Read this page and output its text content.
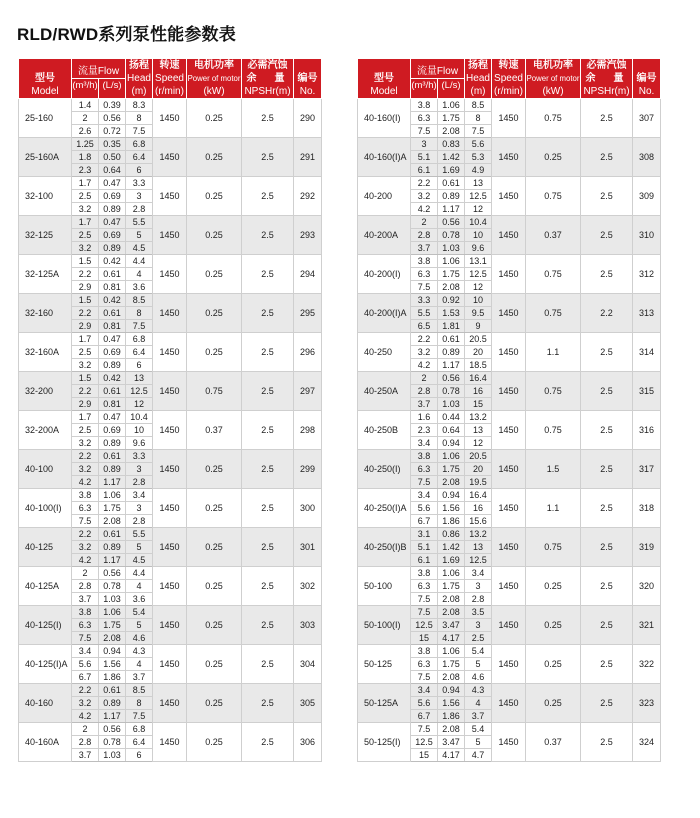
RLD/RWD系列泵性能参数表
型号
Model	流量Flow		扬程
Head
(m)	转速
Speed
(r/min)	电机功率
Power of motor
(kW)	必需汽蚀
余　量
NPSHr(m)	编号
No.

	(m³/h)	(L/s)					
25-160	1.4	0.39	8.3	1450	0.25	2.5	290
	2	0.56	8				
	2.6	0.72	7.5				
25-160A	1.25	0.35	6.8	1450	0.25	2.5	291
	1.8	0.50	6.4				
	2.3	0.64	6				
32-100	1.7	0.47	3.3	1450	0.25	2.5	292
	2.5	0.69	3				
	3.2	0.89	2.8				
32-125	1.7	0.47	5.5	1450	0.25	2.5	293
	2.5	0.69	5				
	3.2	0.89	4.5				
32-125A	1.5	0.42	4.4	1450	0.25	2.5	294
	2.2	0.61	4				
	2.9	0.81	3.6				
32-160	1.5	0.42	8.5	1450	0.25	2.5	295
	2.2	0.61	8				
	2.9	0.81	7.5				
32-160A	1.7	0.47	6.8	1450	0.25	2.5	296
	2.5	0.69	6.4				
	3.2	0.89	6				
32-200	1.5	0.42	13	1450	0.75	2.5	297
	2.2	0.61	12.5				
	2.9	0.81	12				
32-200A	1.7	0.47	10.4	1450	0.37	2.5	298
	2.5	0.69	10				
	3.2	0.89	9.6				
40-100	2.2	0.61	3.3	1450	0.25	2.5	299
	3.2	0.89	3				
	4.2	1.17	2.8				
40-100(I)	3.8	1.06	3.4	1450	0.25	2.5	300
	6.3	1.75	3				
	7.5	2.08	2.8				
40-125	2.2	0.61	5.5	1450	0.25	2.5	301
	3.2	0.89	5				
	4.2	1.17	4.5				
40-125A	2	0.56	4.4	1450	0.25	2.5	302
	2.8	0.78	4				
	3.7	1.03	3.6				
40-125(I)	3.8	1.06	5.4	1450	0.25	2.5	303
	6.3	1.75	5				
	7.5	2.08	4.6				
40-125(I)A	3.4	0.94	4.3	1450	0.25	2.5	304
	5.6	1.56	4				
	6.7	1.86	3.7				
40-160	2.2	0.61	8.5	1450	0.25	2.5	305
	3.2	0.89	8				
	4.2	1.17	7.5				
40-160A	2	0.56	6.8	1450	0.25	2.5	306
	2.8	0.78	6.4				
	3.7	1.03	6				
型号
Model	流量Flow		扬程
Head
(m)	转速
Speed
(r/min)	电机功率
Power of motor
(kW)	必需汽蚀
余　量
NPSHr(m)	编号
No.

	(m³/h)	(L/s)					
40-160(I)	3.8	1.06	8.5	1450	0.75	2.5	307
	6.3	1.75	8				
	7.5	2.08	7.5				
40-160(I)A	3	0.83	5.6	1450	0.25	2.5	308
	5.1	1.42	5.3				
	6.1	1.69	4.9				
40-200	2.2	0.61	13	1450	0.75	2.5	309
	3.2	0.89	12.5				
	4.2	1.17	12				
40-200A	2	0.56	10.4	1450	0.37	2.5	310
	2.8	0.78	10				
	3.7	1.03	9.6				
40-200(I)	3.8	1.06	13.1	1450	0.75	2.5	312
	6.3	1.75	12.5				
	7.5	2.08	12				
40-200(I)A	3.3	0.92	10	1450	0.75	2.2	313
	5.5	1.53	9.5				
	6.5	1.81	9				
40-250	2.2	0.61	20.5	1450	1.1	2.5	314
	3.2	0.89	20				
	4.2	1.17	18.5				
40-250A	2	0.56	16.4	1450	0.75	2.5	315
	2.8	0.78	16				
	3.7	1.03	15				
40-250B	1.6	0.44	13.2	1450	0.75	2.5	316
	2.3	0.64	13				
	3.4	0.94	12				
40-250(I)	3.8	1.06	20.5	1450	1.5	2.5	317
	6.3	1.75	20				
	7.5	2.08	19.5				
40-250(I)A	3.4	0.94	16.4	1450	1.1	2.5	318
	5.6	1.56	16				
	6.7	1.86	15.6				
40-250(I)B	3.1	0.86	13.2	1450	0.75	2.5	319
	5.1	1.42	13				
	6.1	1.69	12.5				
50-100	3.8	1.06	3.4	1450	0.25	2.5	320
	6.3	1.75	3				
	7.5	2.08	2.8				
50-100(I)	7.5	2.08	3.5	1450	0.25	2.5	321
	12.5	3.47	3				
	15	4.17	2.5				
50-125	3.8	1.06	5.4	1450	0.25	2.5	322
	6.3	1.75	5				
	7.5	2.08	4.6				
50-125A	3.4	0.94	4.3	1450	0.25	2.5	323
	5.6	1.56	4				
	6.7	1.86	3.7				
50-125(I)	7.5	2.08	5.4	1450	0.37	2.5	324
	12.5	3.47	5				
	15	4.17	4.7				
